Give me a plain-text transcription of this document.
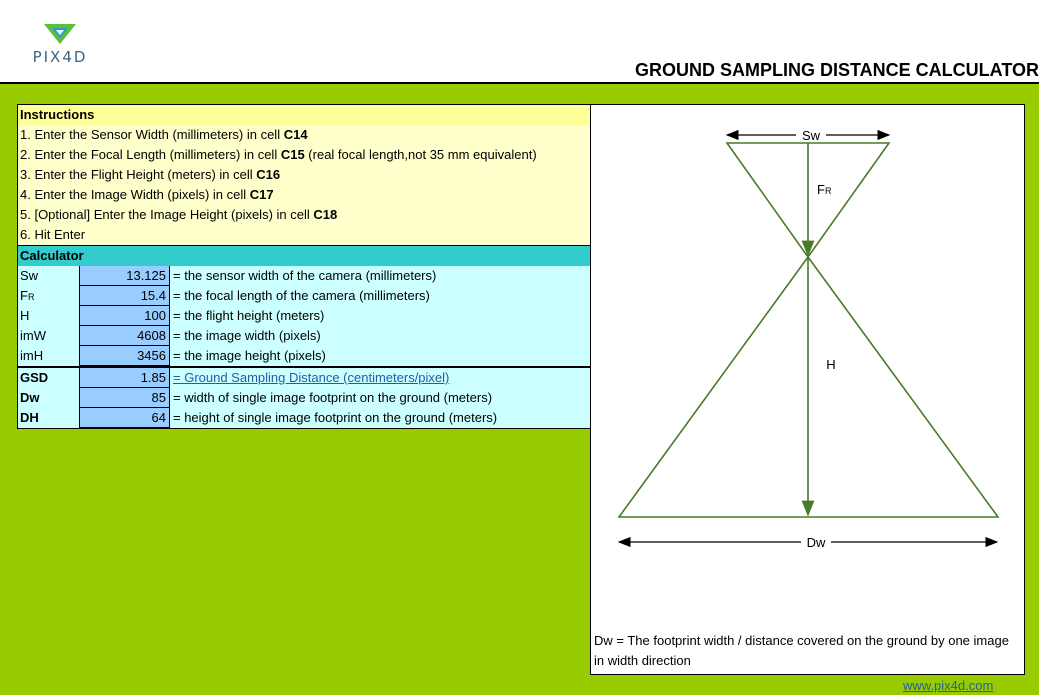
PIX4D
GROUND SAMPLING DISTANCE CALCULATOR
Instructions
1. Enter the Sensor Width (millimeters) in cell C14
2. Enter the Focal Length (millimeters) in cell C15 (real focal length,not 35 mm equivalent)
3. Enter the Flight Height (meters) in cell C16
4. Enter the Image Width (pixels) in cell C17
5. [Optional] Enter the Image Height (pixels) in cell C18
6. Hit Enter
Calculator
Sw	13.125 = the sensor width of the camera (millimeters)
FR	15.4 = the focal length of the camera (millimeters)
H	100 = the flight height (meters)
imW	4608 = the image width (pixels)
imH	3456 = the image height (pixels)
GSD	1.85 = Ground Sampling Distance (centimeters/pixel)
Dw	85 = width of single image footprint on the ground (meters)
DH	64 = height of single image footprint on the ground (meters)
Sw
FR
H
Dw
Dw = The footprint width / distance covered on the ground by one image in width direction
www.pix4d.com
